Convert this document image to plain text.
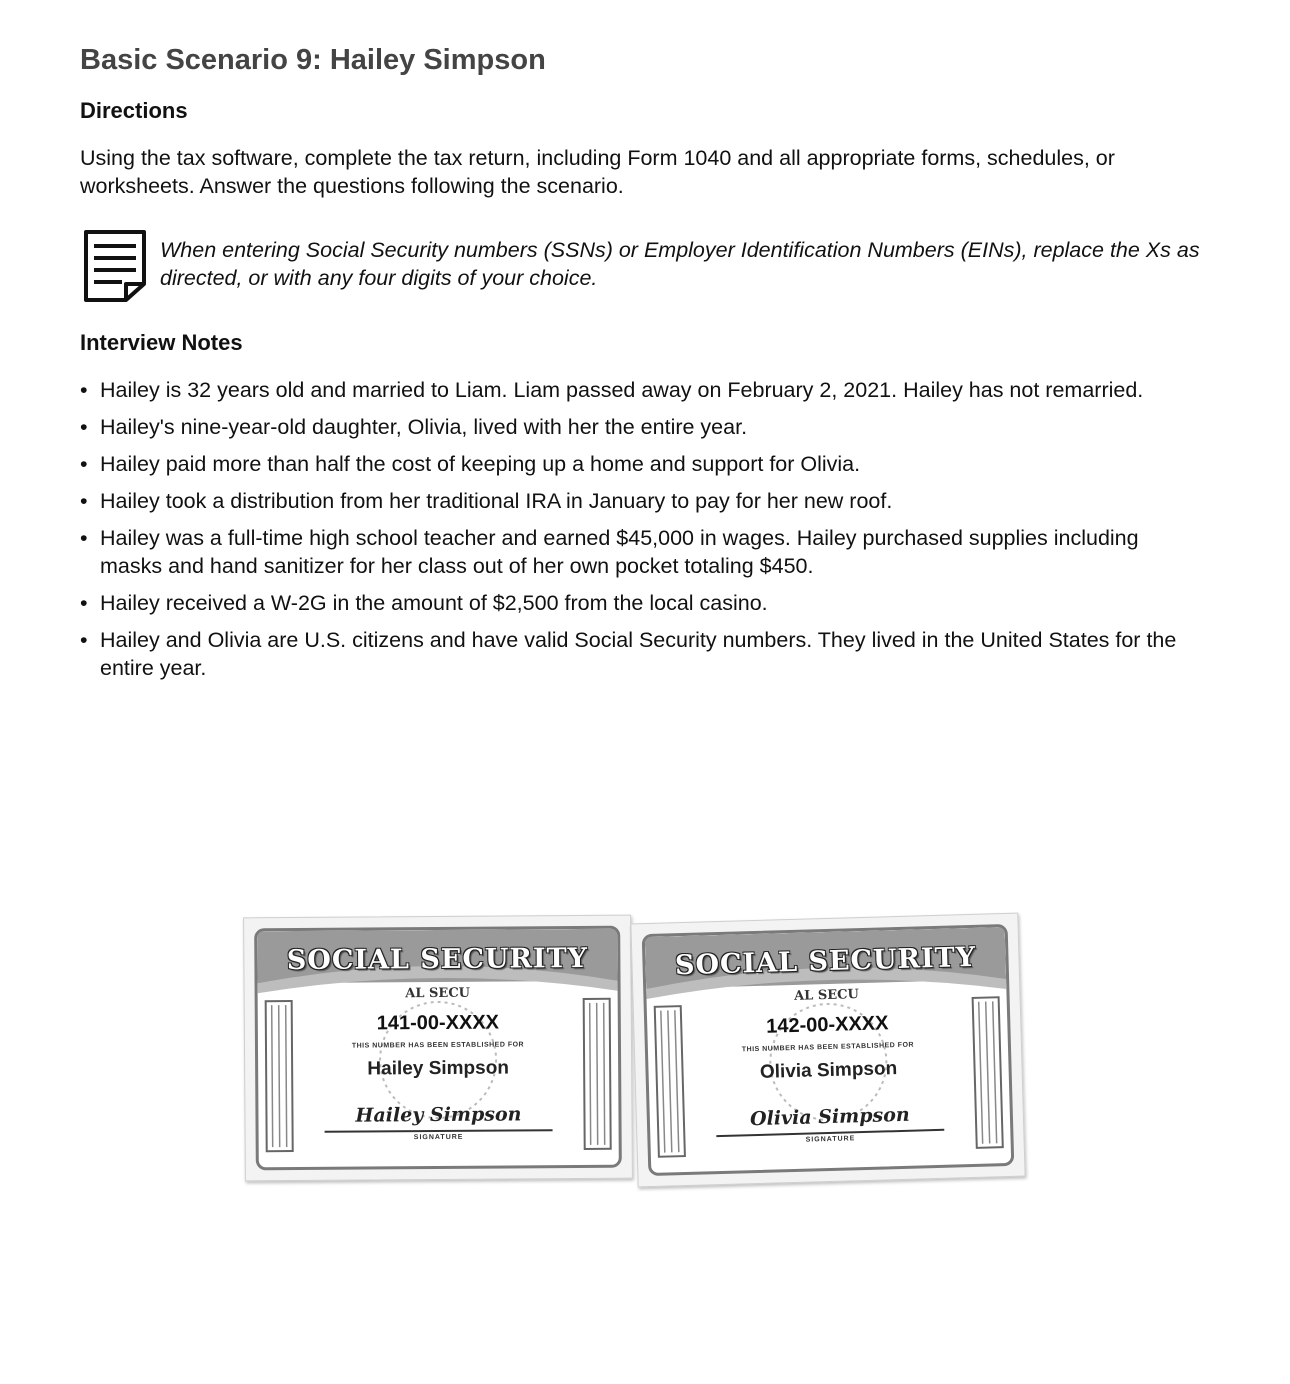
Basic Scenario 9: Hailey Simpson
Directions

Using the tax software, complete the tax return, including Form 1040 and all appropriate forms, schedules, or worksheets. Answer the questions following the scenario.

When entering Social Security numbers (SSNs) or Employer Identification Numbers (EINs), replace the Xs as directed, or with any four digits of your choice.

Interview Notes
• Hailey is 32 years old and married to Liam. Liam passed away on February 2, 2021. Hailey has not remarried.
• Hailey's nine-year-old daughter, Olivia, lived with her the entire year.
• Hailey paid more than half the cost of keeping up a home and support for Olivia.
• Hailey took a distribution from her traditional IRA in January to pay for her new roof.
• Hailey was a full-time high school teacher and earned $45,000 in wages. Hailey purchased supplies including masks and hand sanitizer for her class out of her own pocket totaling $450.
• Hailey received a W-2G in the amount of $2,500 from the local casino.
• Hailey and Olivia are U.S. citizens and have valid Social Security numbers. They lived in the United States for the entire year.
SOCIAL SECURITY
AL SECU
141-00-XXXX
THIS NUMBER HAS BEEN ESTABLISHED FOR
Hailey Simpson
Hailey Simpson
SIGNATURE
SOCIAL SECURITY
AL SECU
142-00-XXXX
THIS NUMBER HAS BEEN ESTABLISHED FOR
Olivia Simpson
Olivia Simpson
SIGNATURE
